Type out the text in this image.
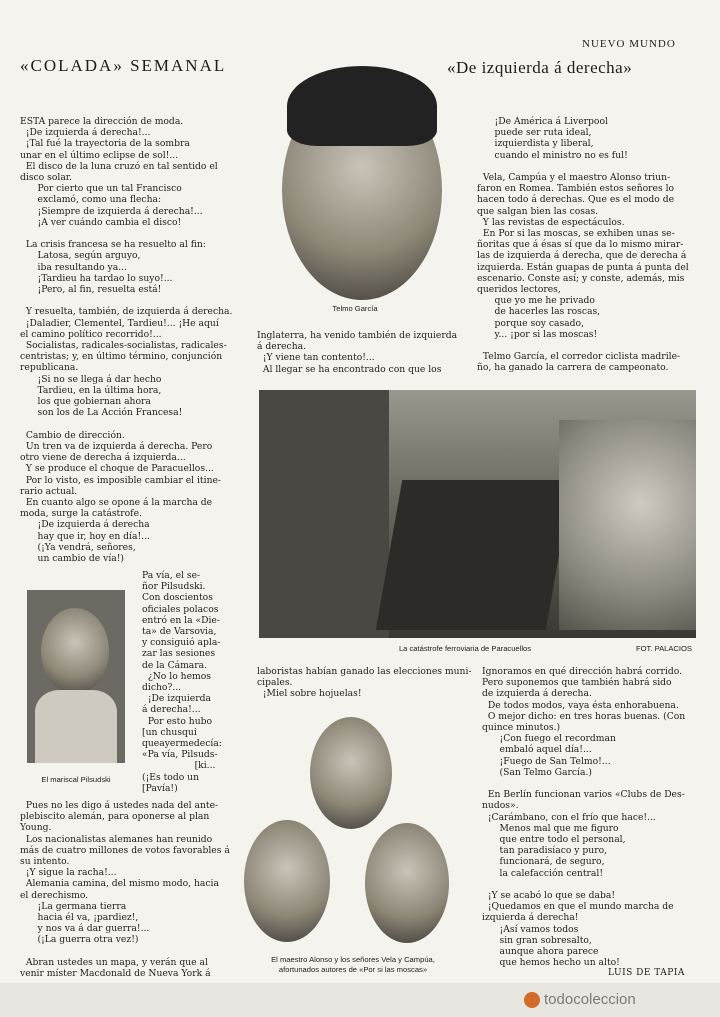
NUEVO MUNDO
«COLADA» SEMANAL	«De izquierda á derecha»
Telmo García

ESTA parece la dirección de moda.

¡De izquierda á derecha!...

¡Tal fué la trayectoria de la sombra

unar en el último eclipse de sol!...

El disco de la luna cruzó en tal sentido el

disco solar.

Por cierto que un tal Francisco

exclamó, como una flecha:

¡Siempre de izquierda á derecha!...

¡A ver cuándo cambia el disco!

La crisis francesa se ha resuelto al fin:

Latosa, según arguyo,

iba resultando ya...

¡Tardieu ha tardao lo suyo!...

¡Pero, al fin, resuelta está!

Y resuelta, también, de izquierda á derecha.

¡Daladier, Clementel, Tardieu!... ¡He aquí

el camino político recorrido!...

Socialistas, radicales-socialistas, radicales-

centristas; y, en último término, conjunción

republicana.

¡Si no se llega á dar hecho

Tardieu, en la última hora,

los que gobiernan ahora

son los de La Acción Francesa!

Cambio de dirección.

Un tren va de izquierda á derecha. Pero

otro viene de derecha á izquierda...

Y se produce el choque de Paracuellos...

Por lo visto, es imposible cambiar el itine-

rario actual.

En cuanto algo se opone á la marcha de

moda, surge la catástrofe.

¡De izquierda á derecha

hay que ir, hoy en día!...

(¡Ya vendrá, señores,

un cambio de vía!)

El mariscal Pilsudski

Pa vía, el se-

ñor Pilsudski.

Con doscientos

oficiales polacos

entró en la «Die-

ta» de Varsovia,

y consiguió apla-

zar las sesiones

de la Cámara.

¿No lo hemos

dicho?...

¡De izquierda

á derecha!...

Por esto hubo

[un chusqui

queayermedecía:

«Pa vía, Pilsuds-

[ki...

(¡Es todo un

[Pavía!)

Pues no les digo á ustedes nada del ante-

plebiscito alemán, para oponerse al plan

Young.

Los nacionalistas alemanes han reunido

más de cuatro millones de votos favorables á

su intento.

¡Y sigue la racha!...

Alemania camina, del mismo modo, hacia

el derechismo.

¡La germana tierra

hacia él va, ¡pardiez!,

y nos va á dar guerra!...

(¡La guerra otra vez!)

Abran ustedes un mapa, y verán que al

venir míster Macdonald de Nueva York á

Inglaterra, ha venido también de izquierda

á derecha.

¡Y viene tan contento!...

Al llegar se ha encontrado con que los

¡De América á Liverpool

puede ser ruta ideal,

izquierdista y liberal,

cuando el ministro no es ful!

Vela, Campúa y el maestro Alonso triun-

faron en Romea. También estos señores lo

hacen todo á derechas. Que es el modo de

que salgan bien las cosas.

Y las revistas de espectáculos.

En Por si las moscas, se exhiben unas se-

ñoritas que á ésas sí que da lo mismo mirar-

las de izquierda á derecha, que de derecha á

izquierda. Están guapas de punta á punta del

escenario. Conste así; y conste, además, mis

queridos lectores,

que yo me he privado

de hacerles las roscas,

porque soy casado,

y... ¡por si las moscas!

Telmo García, el corredor ciclista madrile-

ño, ha ganado la carrera de campeonato.

La catástrofe ferroviaria de Paracuellos	FOT. PALACIOS

laboristas habían ganado las elecciones muni-

cipales.

¡Miel sobre hojuelas!

El maestro Alonso y los señores Vela y Campúa,
afortunados autores de «Por si las moscas»

Ignoramos en qué dirección habrá corrido.

Pero suponemos que también habrá sido

de izquierda á derecha.

De todos modos, vaya ésta enhorabuena.

O mejor dicho: en tres horas buenas. (Con

quince minutos.)

¡Con fuego el recordman

embaló aquel día!...

¡Fuego de San Telmo!...

(San Telmo García.)

En Berlín funcionan varios «Clubs de Des-

nudos».

¡Carámbano, con el frío que hace!...

Menos mal que me figuro

que entre todo el personal,

tan paradisíaco y puro,

funcionará, de seguro,

la calefacción central!

¡Y se acabó lo que se daba!

¡Quedamos en que el mundo marcha de

izquierda á derecha!

¡Así vamos todos

sin gran sobresalto,

aunque ahora parece

que hemos hecho un alto!

LUIS DE TAPIA
todocoleccion
